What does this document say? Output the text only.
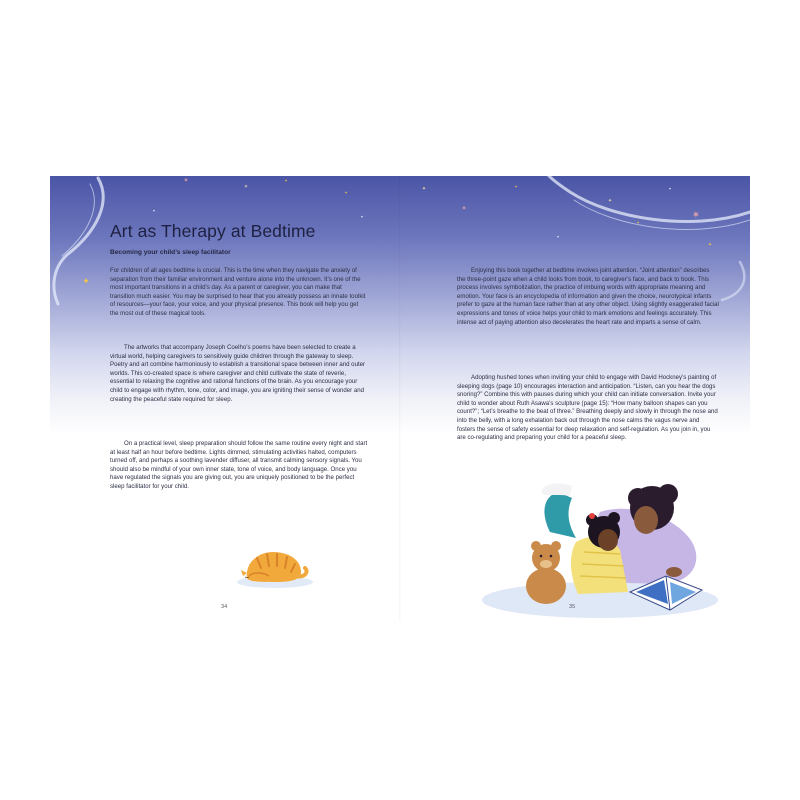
✦
✶
✶
✦
✦
✦
✶
✦
✦
✦
✶
✦
✦
✦
✦
✦
Art as Therapy at Bedtime
Becoming your child’s sleep facilitator

For children of all ages bedtime is crucial. This is the time when they navigate the anxiety of separation from their familiar environment and venture alone into the unknown. It’s one of the most important transitions in a child’s day. As a parent or caregiver, you can make that transition much easier. You may be surprised to hear that you already possess an innate toolkit of resources—your face, your voice, and your physical presence. This book will help you get the most out of these magical tools.

The artworks that accompany Joseph Coelho’s poems have been selected to create a virtual world, helping caregivers to sensitively guide children through the gateway to sleep. Poetry and art combine harmoniously to establish a transitional space between inner and outer worlds. This co-created space is where caregiver and child cultivate the state of reverie, essential to relaxing the cognitive and rational functions of the brain. As you encourage your child to engage with rhythm, tone, color, and image, you are igniting their sense of wonder and creating the peaceful state required for sleep.

On a practical level, sleep preparation should follow the same routine every night and start at least half an hour before bedtime. Lights dimmed, stimulating activities halted, computers turned off, and perhaps a soothing lavender diffuser, all transmit calming sensory signals. You should also be mindful of your own inner state, tone of voice, and body language. Once you have regulated the signals you are giving out, you are uniquely positioned to be the perfect sleep facilitator for your child.

34

Enjoying this book together at bedtime involves joint attention. “Joint attention” describes the three-point gaze when a child looks from book, to caregiver’s face, and back to book. This process involves symbolization, the practice of imbuing words with appropriate meaning and emotion. Your face is an encyclopedia of information and given the choice, neurotypical infants prefer to gaze at the human face rather than at any other object. Using slightly exaggerated facial expressions and tones of voice helps your child to mark emotions and feelings accurately. This intense act of paying attention also decelerates the heart rate and imparts a sense of calm.

Adopting hushed tones when inviting your child to engage with David Hockney’s painting of sleeping dogs (page 10) encourages interaction and anticipation. “Listen, can you hear the dogs snoring?” Combine this with pauses during which your child can initiate conversation. Invite your child to wonder about Ruth Asawa’s sculpture (page 15): “How many balloon shapes can you count?”; “Let’s breathe to the beat of three.” Breathing deeply and slowly in through the nose and into the belly, with a long exhalation back out through the nose calms the vagus nerve and fosters the sense of safety essential for deep relaxation and self-regulation. As you join in, you are co-regulating and preparing your child for a peaceful sleep.

35
